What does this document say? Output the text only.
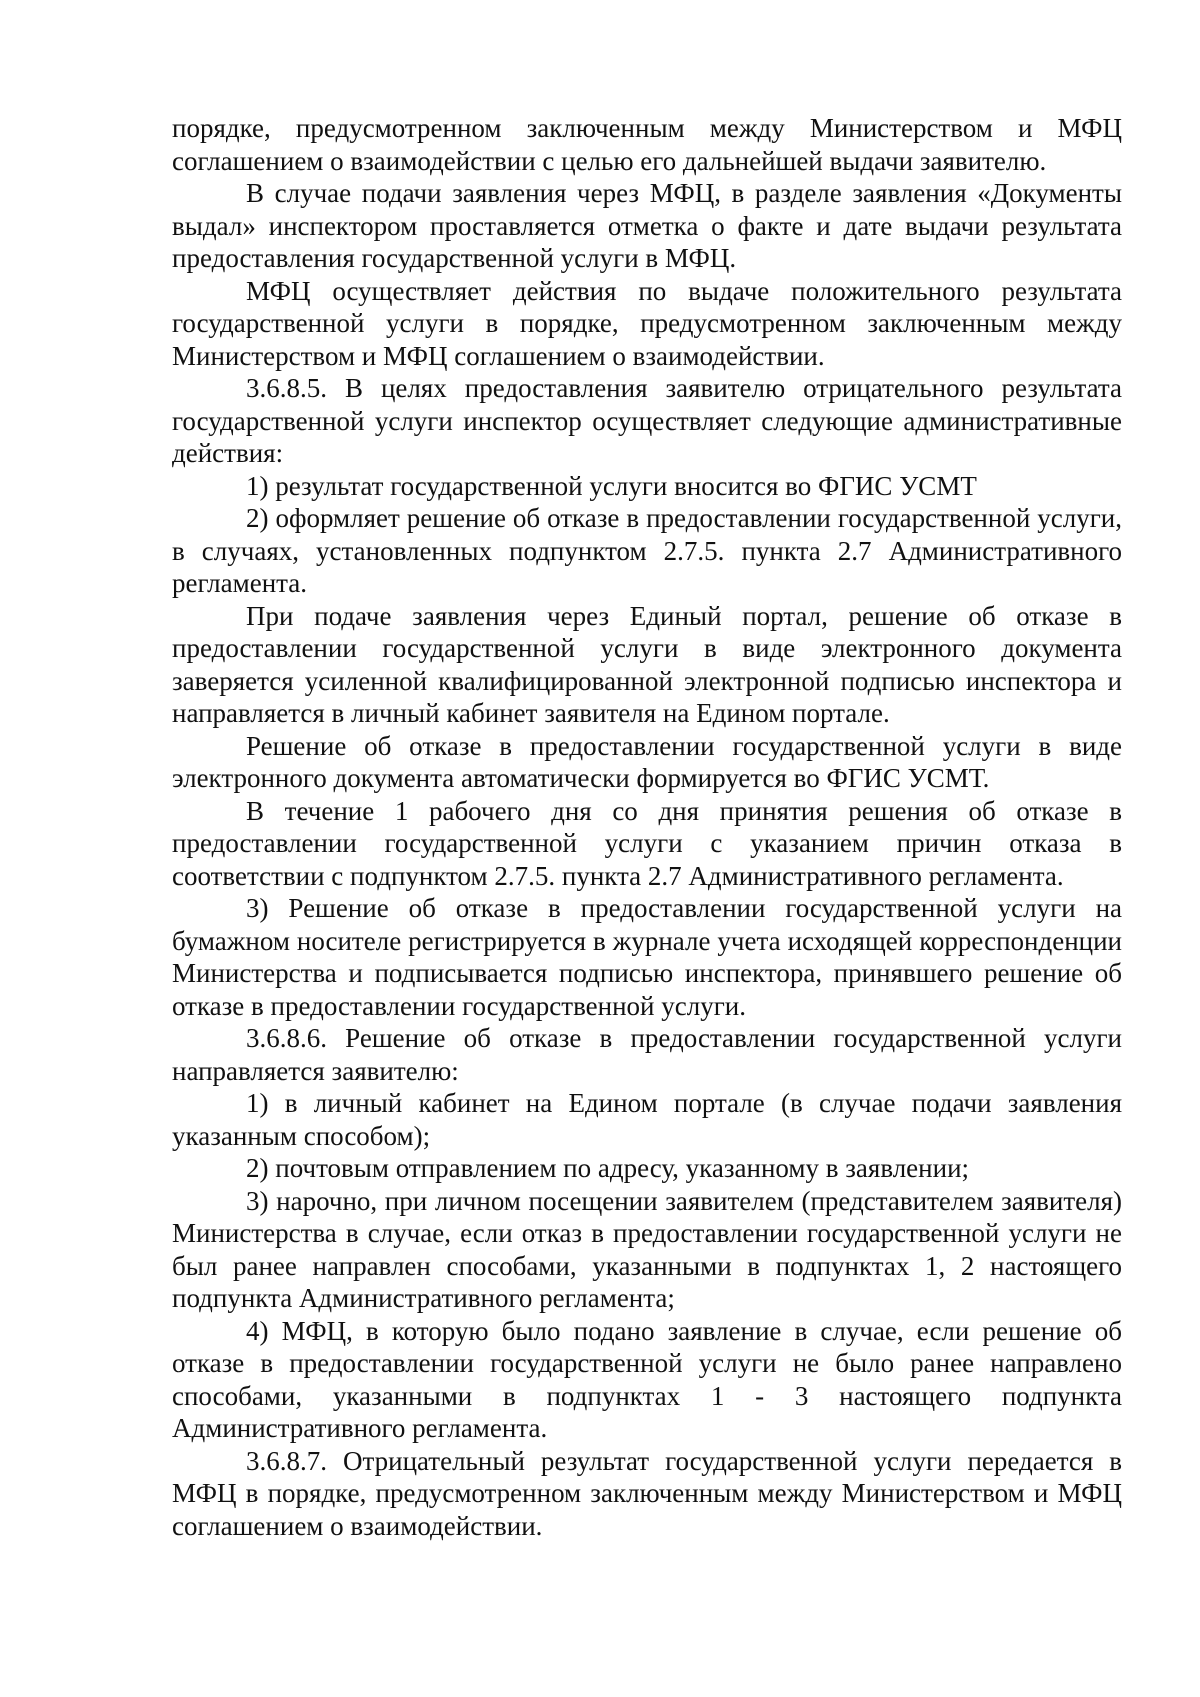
порядке, предусмотренном заключенным между Министерством и МФЦ соглашением о взаимодействии с целью его дальнейшей выдачи заявителю.

В случае подачи заявления через МФЦ, в разделе заявления «Документы выдал» инспектором проставляется отметка о факте и дате выдачи результата предоставления государственной услуги в МФЦ.

МФЦ осуществляет действия по выдаче положительного результата государственной услуги в порядке, предусмотренном заключенным между Министерством и МФЦ соглашением о взаимодействии.

3.6.8.5. В целях предоставления заявителю отрицательного результата государственной услуги инспектор осуществляет следующие административные действия:

1) результат государственной услуги вносится во ФГИС УСМТ

2) оформляет решение об отказе в предоставлении государственной услуги, в случаях, установленных подпунктом 2.7.5. пункта 2.7 Административного регламента.

При подаче заявления через Единый портал, решение об отказе в предоставлении государственной услуги в виде электронного документа заверяется усиленной квалифицированной электронной подписью инспектора и направляется в личный кабинет заявителя на Едином портале.

Решение об отказе в предоставлении государственной услуги в виде электронного документа автоматически формируется во ФГИС УСМТ.

В течение 1 рабочего дня со дня принятия решения об отказе в предоставлении государственной услуги с указанием причин отказа в соответствии с подпунктом 2.7.5. пункта 2.7 Административного регламента.

3) Решение об отказе в предоставлении государственной услуги на бумажном носителе регистрируется в журнале учета исходящей корреспонденции Министерства и подписывается подписью инспектора, принявшего решение об отказе в предоставлении государственной услуги.

3.6.8.6. Решение об отказе в предоставлении государственной услуги направляется заявителю:

1) в личный кабинет на Едином портале (в случае подачи заявления указанным способом);

2) почтовым отправлением по адресу, указанному в заявлении;

3) нарочно, при личном посещении заявителем (представителем заявителя) Министерства в случае, если отказ в предоставлении государственной услуги не был ранее направлен способами, указанными в подпунктах 1, 2 настоящего подпункта Административного регламента;

4) МФЦ, в которую было подано заявление в случае, если решение об отказе в предоставлении государственной услуги не было ранее направлено способами, указанными в подпунктах 1 - 3 настоящего подпункта Административного регламента.

3.6.8.7. Отрицательный результат государственной услуги передается в МФЦ в порядке, предусмотренном заключенным между Министерством и МФЦ соглашением о взаимодействии.
